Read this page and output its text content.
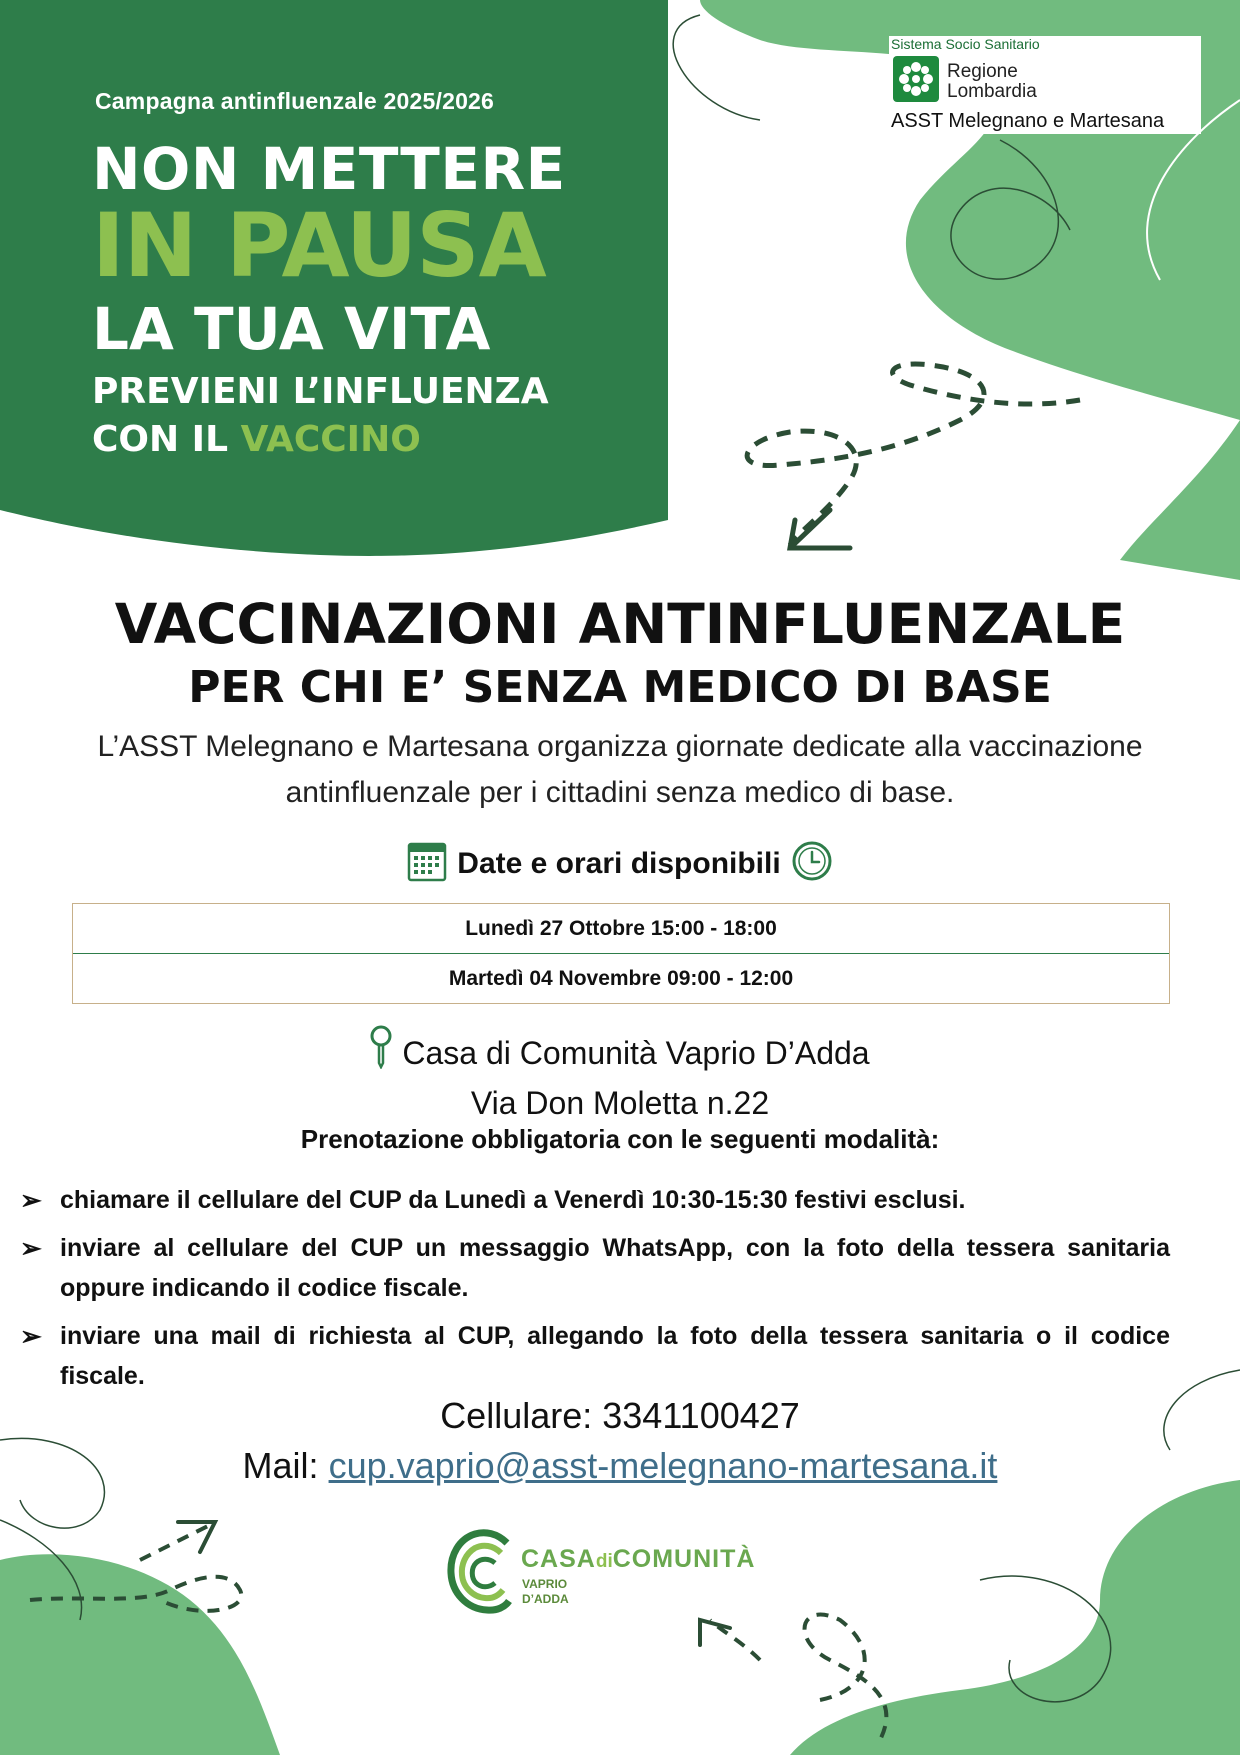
Campagna antinfluenzale 2025/2026
NON METTERE
IN PAUSA
LA TUA VITA
PREVIENI L’INFLUENZA
CON IL VACCINO
Sistema Socio Sanitario
Regione
Lombardia
ASST Melegnano e Martesana
VACCINAZIONI ANTINFLUENZALE
PER CHI E’ SENZA MEDICO DI BASE
L’ASST Melegnano e Martesana organizza giornate dedicate alla vaccinazione antinfluenzale per i cittadini senza medico di base.
Date e orari disponibili
Lunedì 27 Ottobre 15:00 - 18:00
Martedì 04 Novembre 09:00 - 12:00
Casa di Comunità Vaprio D’Adda
Via Don Moletta n.22
Prenotazione obbligatoria con le seguenti modalità:
➢ chiamare il cellulare del CUP da Lunedì a Venerdì 10:30-15:30 festivi esclusi.
➢ inviare al cellulare del CUP un messaggio WhatsApp, con la foto della tessera sanitaria oppure indicando il codice fiscale.
➢ inviare una mail di richiesta al CUP, allegando la foto della tessera sanitaria o il codice fiscale.
Cellulare: 3341100427
Mail: cup.vaprio@asst-melegnano-martesana.it
CASAdiCOMUNITÀ
VAPRIO
D’ADDA
